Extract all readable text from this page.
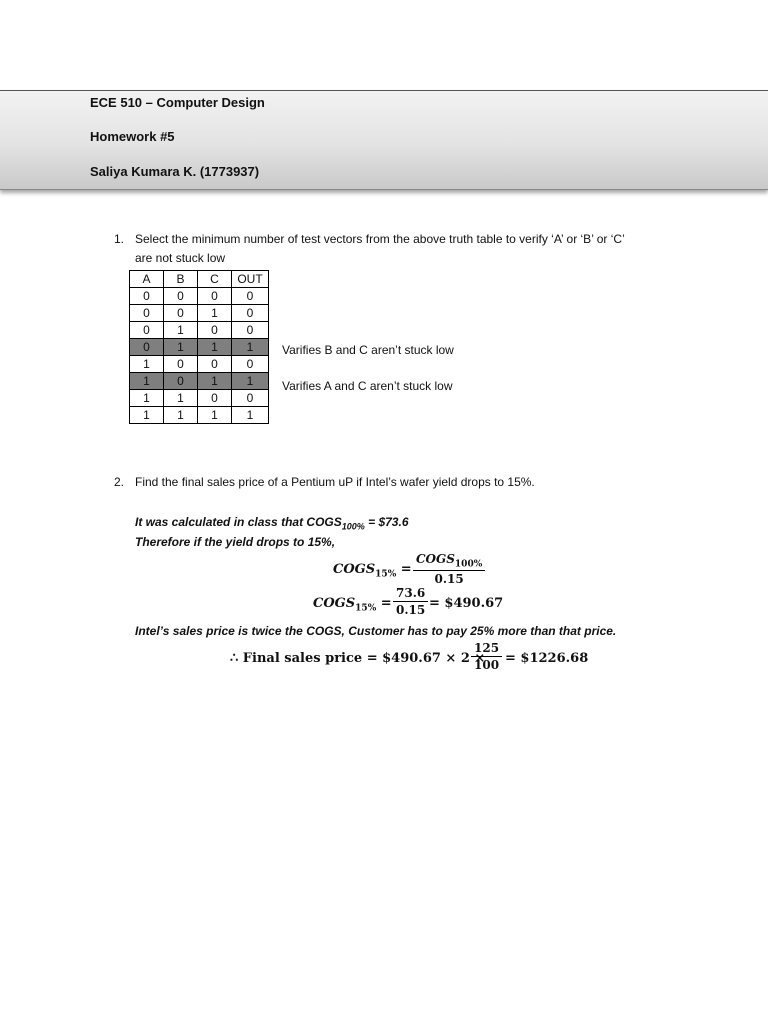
ECE 510 – Computer Design
Homework #5
Saliya Kumara K. (1773937)
1. Select the minimum number of test vectors from the above truth table to verify ‘A’ or ‘B’ or ‘C’
are not stuck low
A	B	C	OUT
0	0	0	0
0	0	1	0
0	1	0	0
0	1	1	1
1	0	0	0
1	0	1	1
1	1	0	0
1	1	1	1
Varifies B and C aren’t stuck low
Varifies A and C aren’t stuck low
2. Find the final sales price of a Pentium uP if Intel’s wafer yield drops to 15%.
It was calculated in class that $COGS_{100\%}$ = $73.6
Therefore if the yield drops to 15%,
$COGS_{15\%}$ =
$COGS_{100\%}$
0.15
$COGS_{15\%} = \frac{73.6}{0.15}$ = $490.67
Intel’s sales price is twice the COGS, Customer has to pay 25% more than that price.
∴ Final sales price = $490.67 × 2 ×
$\frac{125}{100}$ = $1226.68
